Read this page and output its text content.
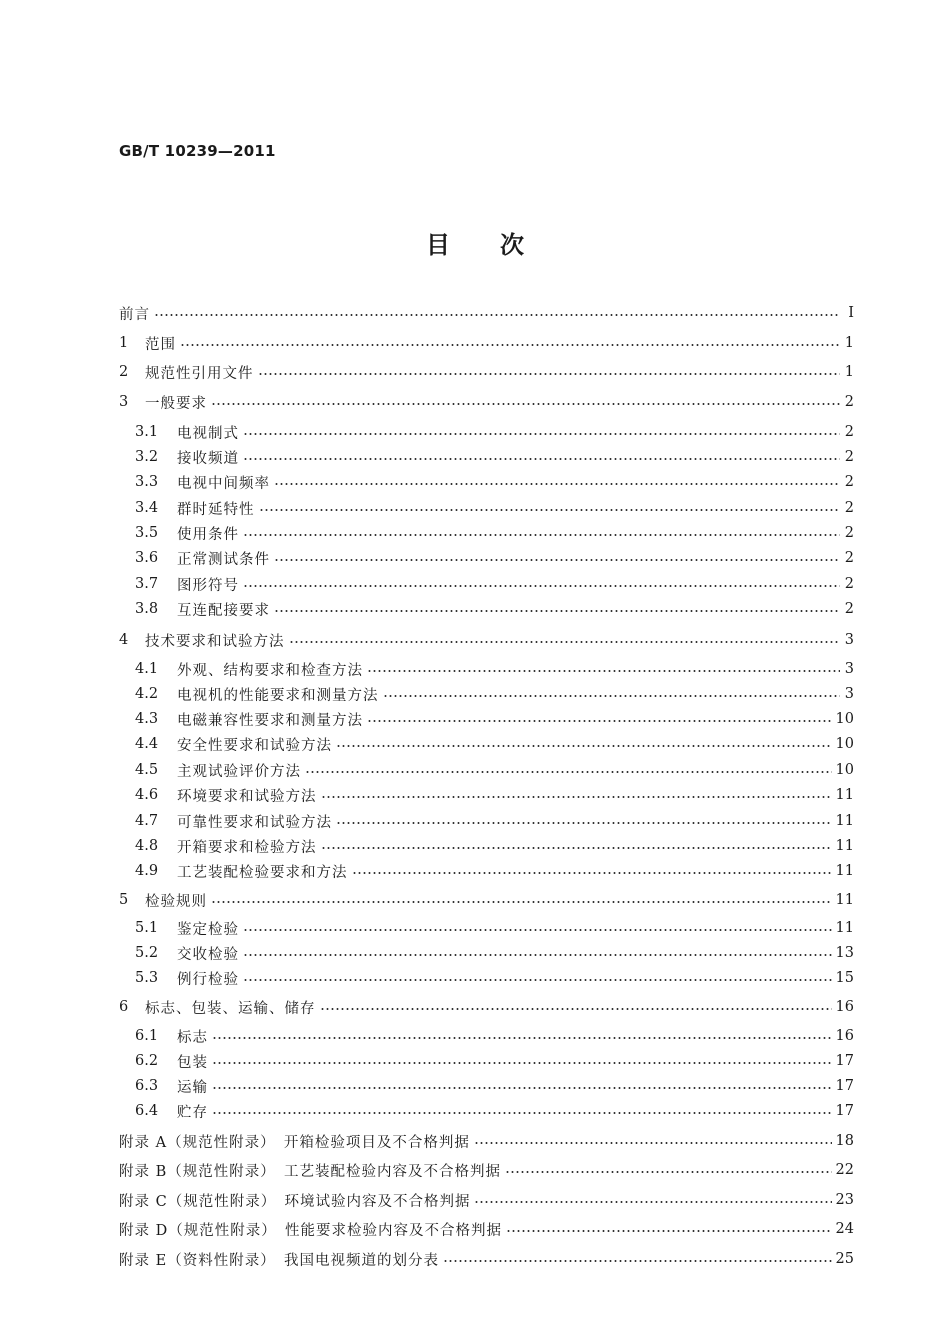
GB/T 10239—2011
目 次
前言	Ⅰ
1	范围	1
2	规范性引用文件	1
3	一般要求	2
3.1	电视制式	2
3.2	接收频道	2
3.3	电视中间频率	2
3.4	群时延特性	2
3.5	使用条件	2
3.6	正常测试条件	2
3.7	图形符号	2
3.8	互连配接要求	2
4	技术要求和试验方法	3
4.1	外观、结构要求和检查方法	3
4.2	电视机的性能要求和测量方法	3
4.3	电磁兼容性要求和测量方法	10
4.4	安全性要求和试验方法	10
4.5	主观试验评价方法	10
4.6	环境要求和试验方法	11
4.7	可靠性要求和试验方法	11
4.8	开箱要求和检验方法	11
4.9	工艺装配检验要求和方法	11
5	检验规则	11
5.1	鉴定检验	11
5.2	交收检验	13
5.3	例行检验	15
6	标志、包装、运输、储存	16
6.1	标志	16
6.2	包装	17
6.3	运输	17
6.4	贮存	17
附录 A（规范性附录）　开箱检验项目及不合格判据	18
附录 B（规范性附录）　工艺装配检验内容及不合格判据	22
附录 C（规范性附录）　环境试验内容及不合格判据	23
附录 D（规范性附录）　性能要求检验内容及不合格判据	24
附录 E（资料性附录）　我国电视频道的划分表	25
